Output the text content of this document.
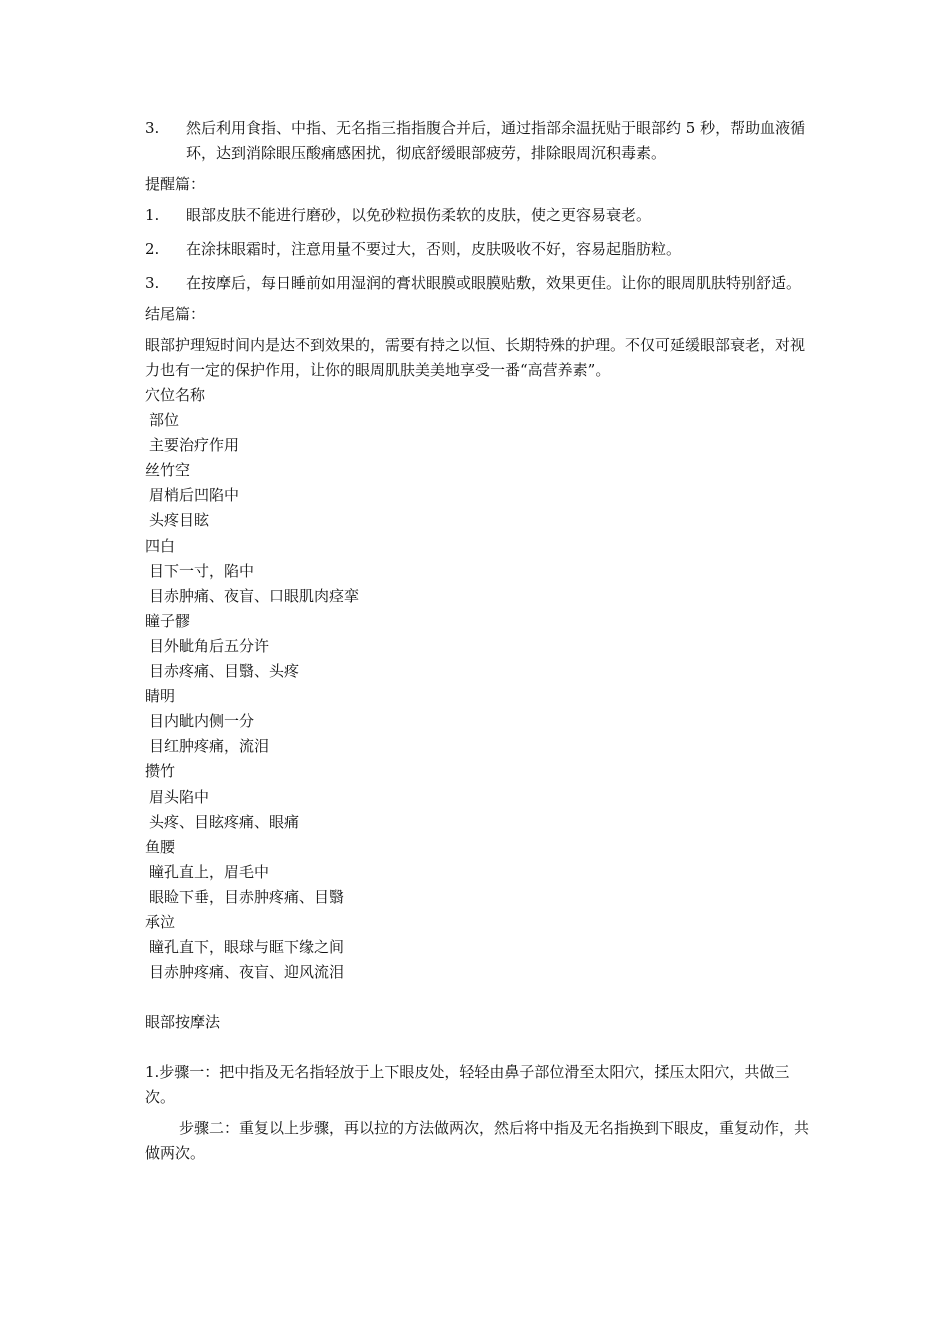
3. 然后利用食指、中指、无名指三指指腹合并后，通过指部余温抚贴于眼部约 5 秒，帮助血液循环，达到消除眼压酸痛感困扰，彻底舒缓眼部疲劳，排除眼周沉积毒素。

提醒篇：

1. 眼部皮肤不能进行磨砂，以免砂粒损伤柔软的皮肤，使之更容易衰老。

2. 在涂抹眼霜时，注意用量不要过大，否则，皮肤吸收不好，容易起脂肪粒。

3. 在按摩后，每日睡前如用湿润的膏状眼膜或眼膜贴敷，效果更佳。让你的眼周肌肤特别舒适。

结尾篇：

眼部护理短时间内是达不到效果的，需要有持之以恒、长期特殊的护理。不仅可延缓眼部衰老，对视力也有一定的保护作用，让你的眼周肌肤美美地享受一番“高营养素”。

穴位名称

部位

主要治疗作用

丝竹空

眉梢后凹陷中

头疼目眩

四白

目下一寸，陷中

目赤肿痛、夜盲、口眼肌肉痉挛

瞳子髎

目外眦角后五分许

目赤疼痛、目翳、头疼

睛明

目内眦内侧一分

目红肿疼痛，流泪

攒竹

眉头陷中

头疼、目眩疼痛、眼痛

鱼腰

瞳孔直上，眉毛中

眼睑下垂，目赤肿疼痛、目翳

承泣

瞳孔直下，眼球与眶下缘之间

目赤肿疼痛、夜盲、迎风流泪

眼部按摩法

1.步骤一：把中指及无名指轻放于上下眼皮处，轻轻由鼻子部位滑至太阳穴，揉压太阳穴，共做三次。

步骤二：重复以上步骤，再以拉的方法做两次，然后将中指及无名指换到下眼皮，重复动作，共做两次。
